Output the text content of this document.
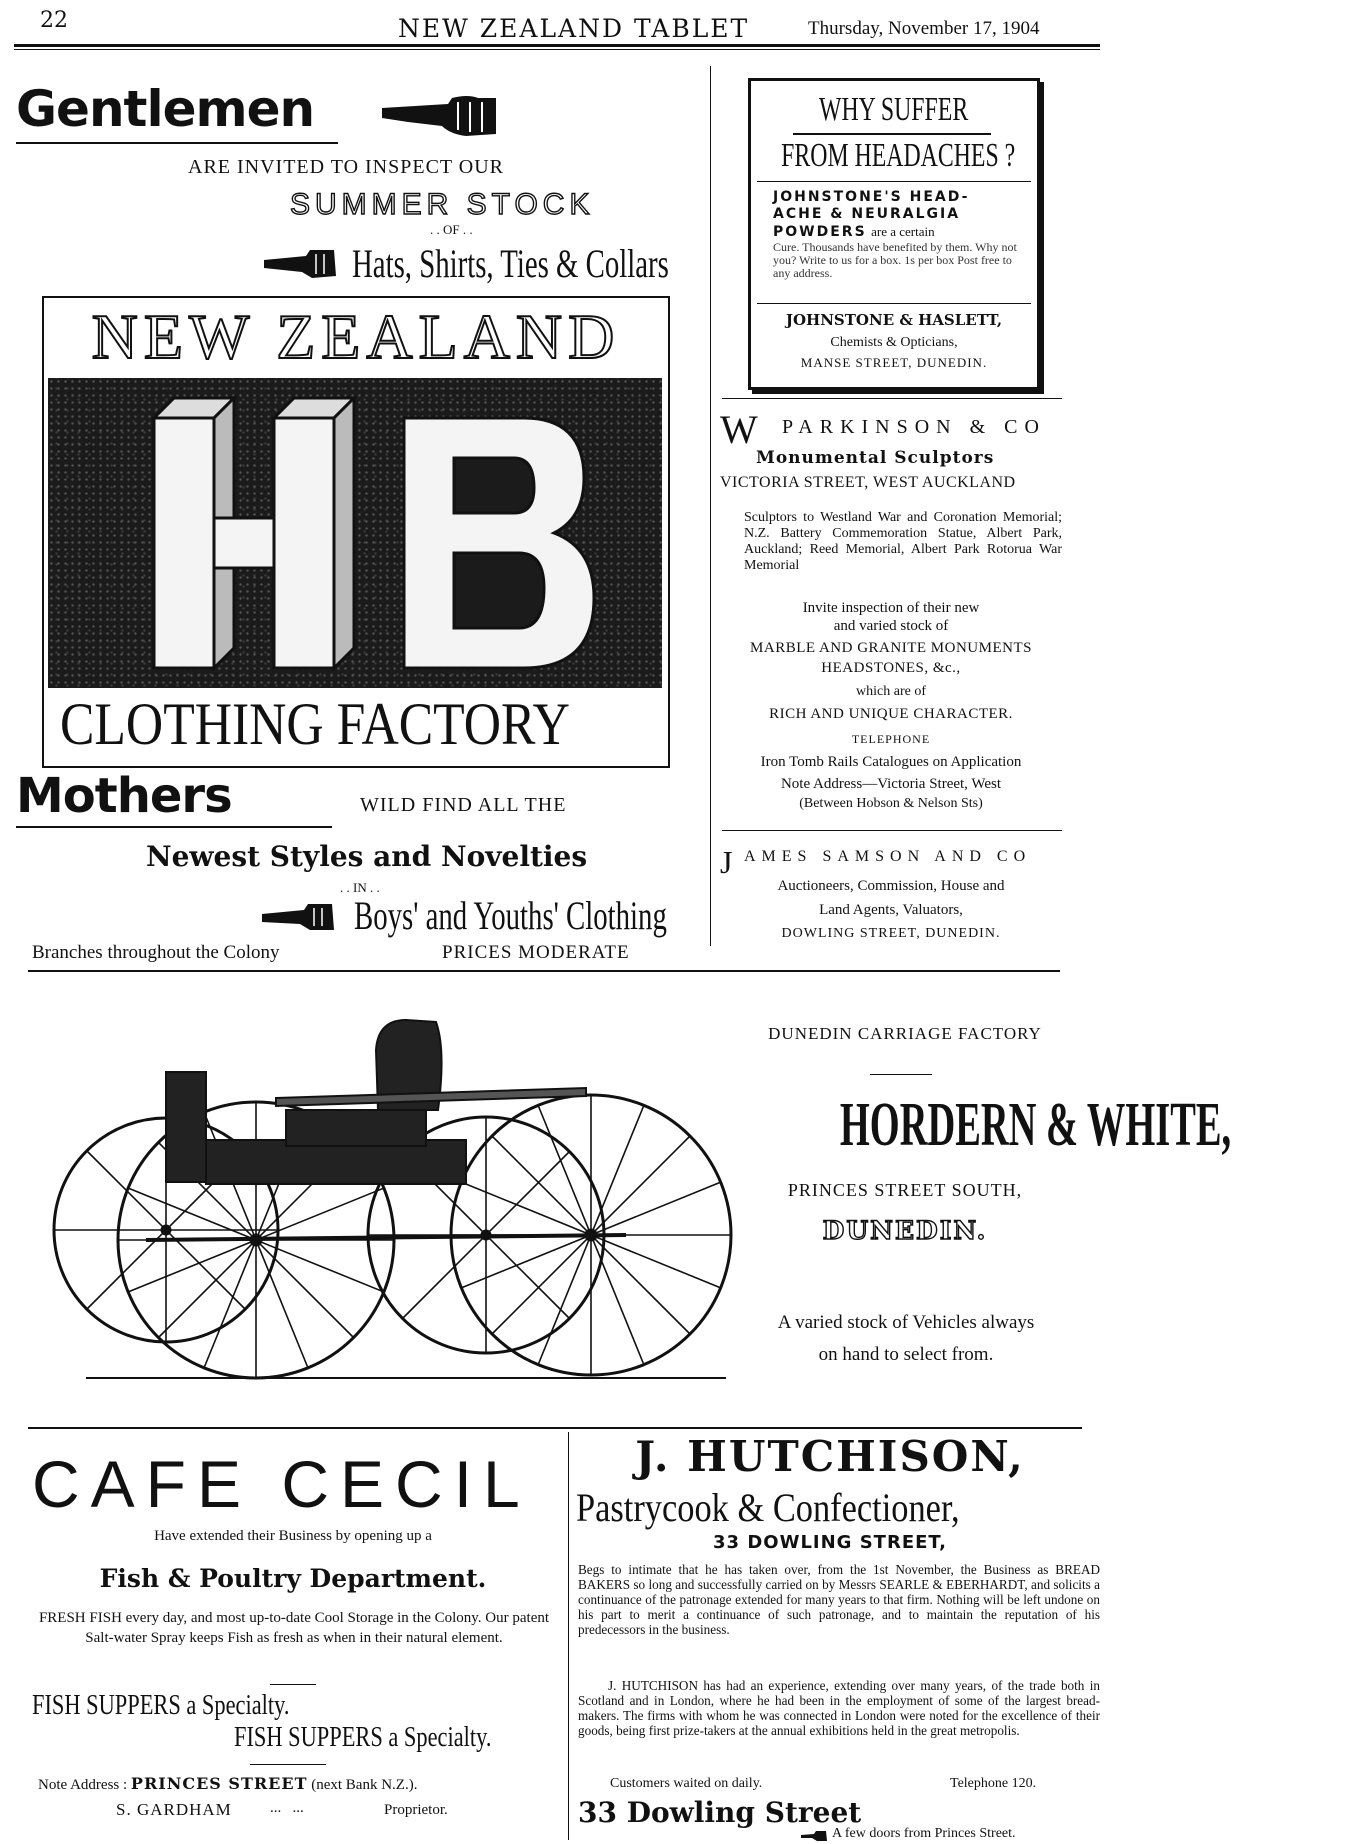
22	NEW ZEALAND TABLET	Thursday, November 17, 1904
Gentlemen
ARE INVITED TO INSPECT OUR
SUMMER STOCK
. . OF . .
Hats, Shirts, Ties & Collars
NEW ZEALAND
CLOTHING FACTORY
Mothers	WILD FIND ALL THE
Newest Styles and Novelties
. . IN . .
Boys' and Youths' Clothing
Branches throughout the Colony	PRICES MODERATE
WHY SUFFER
FROM HEADACHES ?
JOHNSTONE'S HEAD-ACHE & NEURALGIA POWDERS are a certain
Cure. Thousands have benefited by them. Why not you? Write to us for a box. 1s per box Post free to any address.
JOHNSTONE & HASLETT,
Chemists & Opticians,
MANSE STREET, DUNEDIN.
W PARKINSON & CO
Monumental Sculptors
VICTORIA STREET, WEST AUCKLAND
Sculptors to Westland War and Coronation Memorial; N.Z. Battery Commemoration Statue, Albert Park, Auckland; Reed Memorial, Albert Park Rotorua War Memorial
Invite inspection of their new
and varied stock of
MARBLE AND GRANITE MONUMENTS
HEADSTONES, &c.,
which are of
RICH AND UNIQUE CHARACTER.
TELEPHONE
Iron Tomb Rails Catalogues on Application
Note Address—Victoria Street, West
(Between Hobson & Nelson Sts)
J AMES SAMSON AND CO
Auctioneers, Commission, House and
Land Agents, Valuators,
DOWLING STREET, DUNEDIN.
DUNEDIN CARRIAGE FACTORY
HORDERN & WHITE,
PRINCES STREET SOUTH,
DUNEDIN.
A varied stock of Vehicles always
on hand to select from.
CAFE CECIL
Have extended their Business by opening up a
Fish & Poultry Department.
FRESH FISH every day, and most up-to-date Cool Storage in the Colony. Our patent Salt-water Spray keeps Fish as fresh as when in their natural element.
FISH SUPPERS a Specialty.
FISH SUPPERS a Specialty.
Note Address : PRINCES STREET (next Bank N.Z.).
S. GARDHAM	...   ...	Proprietor.
J. HUTCHISON,
Pastrycook & Confectioner,
33 DOWLING STREET,
Begs to intimate that he has taken over, from the 1st November, the Business as BREAD BAKERS so long and successfully carried on by Messrs SEARLE & EBERHARDT, and solicits a continuance of the patronage extended for many years to that firm. Nothing will be left undone on his part to merit a continuance of such patronage, and to maintain the reputation of his predecessors in the business.
J. HUTCHISON has had an experience, extending over many years, of the trade both in Scotland and in London, where he had been in the employment of some of the largest bread-makers. The firms with whom he was connected in London were noted for the excellence of their goods, being first prize-takers at the annual exhibitions held in the great metropolis.
Customers waited on daily.	Telephone 120.
33 Dowling Street
A few doors from Princes Street.
